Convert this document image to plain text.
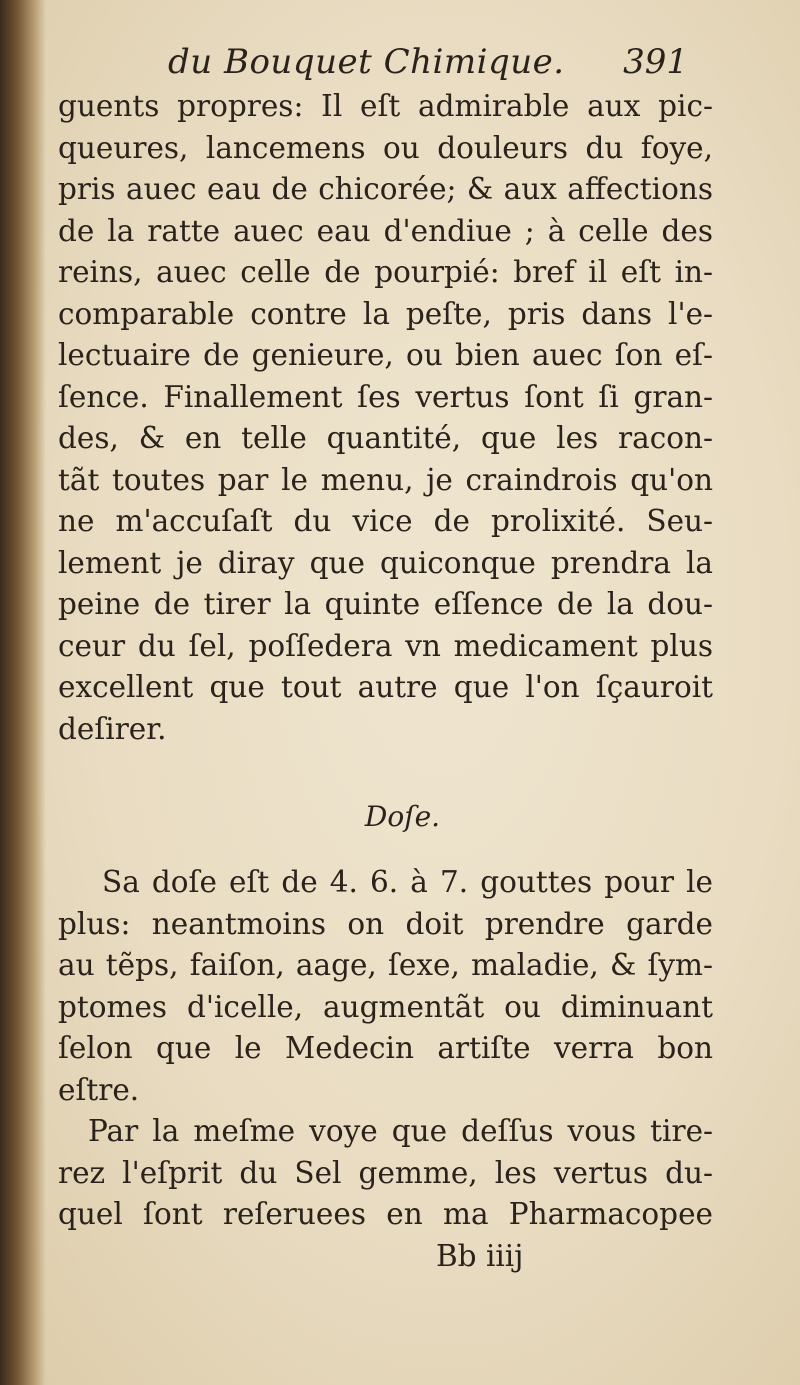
du Bouquet Chimique. 391
guents propres: Il eſt admirable aux pic-
queures, lancemens ou douleurs du foye,
pris auec eau de chicorée; & aux affections
de la ratte auec eau d'endiue ; à celle des
reins, auec celle de pourpié: bref il eſt in-
comparable contre la peſte, pris dans l'e-
lectuaire de genieure, ou bien auec ſon eſ-
ſence. Finallement ſes vertus ſont ſi gran-
des, & en telle quantité, que les racon-
tãt toutes par le menu, je craindrois qu'on
ne m'accuſaſt du vice de prolixité. Seu-
lement je diray que quiconque prendra la
peine de tirer la quinte eſſence de la dou-
ceur du ſel, poſſedera vn medicament plus
excellent que tout autre que l'on ſçauroit
deſirer.
Doſe.
Sa doſe eſt de 4. 6. à 7. gouttes pour le
plus: neantmoins on doit prendre garde
au tẽps, faiſon, aage, ſexe, maladie, & ſym-
ptomes d'icelle, augmentãt ou diminuant
ſelon que le Medecin artiſte verra bon
eſtre.
Par la meſme voye que deſſus vous tire-
rez l'eſprit du Sel gemme, les vertus du-
quel ſont reſeruees en ma Pharmacopee
Bb iiij
